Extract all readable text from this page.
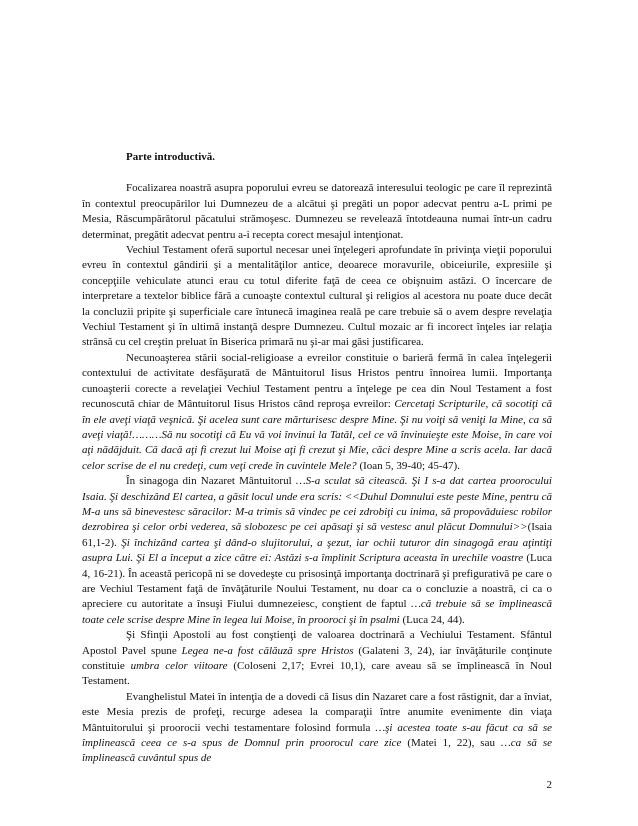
Parte introductivă.

Focalizarea noastră asupra poporului evreu se datorează interesului teologic pe care îl reprezintă în contextul preocupărilor lui Dumnezeu de a alcătui şi pregăti un popor adecvat pentru a-L primi pe Mesia, Răscumpărătorul păcatului strămoşesc. Dumnezeu se revelează întotdeauna numai într-un cadru determinat, pregătit adecvat pentru a-i recepta corect mesajul intenţionat.

Vechiul Testament oferă suportul necesar unei înţelegeri aprofundate în privinţa vieţii poporului evreu în contextul gândirii şi a mentalităţilor antice, deoarece moravurile, obiceiurile, expresiile şi concepţiile vehiculate atunci erau cu totul diferite faţă de ceea ce obişnuim astăzi. O încercare de interpretare a textelor biblice fără a cunoaşte contextul cultural şi religios al acestora nu poate duce decât la concluzii pripite şi superficiale care întunecă imaginea reală pe care trebuie să o avem despre revelaţia Vechiul Testament şi în ultimă instanţă despre Dumnezeu. Cultul mozaic ar fi incorect înţeles iar relaţia strânsă cu cel creştin preluat în Biserica primară nu şi-ar mai găsi justificarea.

Necunoaşterea stării social-religioase a evreilor constituie o barieră fermă în calea înţelegerii contextului de activitate desfăşurată de Mântuitorul Iisus Hristos pentru înnoirea lumii. Importanţa cunoaşterii corecte a revelaţiei Vechiul Testament pentru a înţelege pe cea din Noul Testament a fost recunoscută chiar de Mântuitorul Iisus Hristos când reproşa evreilor: Cercetaţi Scripturile, că socotiţi că în ele aveţi viaţă veşnică. Şi acelea sunt care mărturisesc despre Mine. Şi nu voiţi să veniţi la Mine, ca să aveţi viaţă!………Să nu socotiţi că Eu vă voi învinui la Tatăl, cel ce vă învinuieşte este Moise, în care voi aţi nădăjduit. Că dacă aţi fi crezut lui Moise aţi fi crezut şi Mie, căci despre Mine a scris acela. Iar dacă celor scrise de el nu credeţi, cum veţi crede în cuvintele Mele? (Ioan 5, 39-40; 45-47).

În sinagoga din Nazaret Mântuitorul …S-a sculat să citească. Şi I s-a dat cartea proorocului Isaia. Şi deschizând El cartea, a găsit locul unde era scris: <<Duhul Domnului este peste Mine, pentru că M-a uns să binevestesc săracilor: M-a trimis să vindec pe cei zdrobiţi cu inima, să propovăduiesc robilor dezrobirea şi celor orbi vederea, să slobozesc pe cei apăsaţi şi să vestesc anul plăcut Domnului>>(Isaia 61,1-2). Şi închizând cartea şi dând-o slujitorului, a şezut, iar ochii tuturor din sinagogă erau aţintiţi asupra Lui. Şi El a început a zice către ei: Astăzi s-a împlinit Scriptura aceasta în urechile voastre (Luca 4, 16-21). În această pericopă ni se dovedeşte cu prisosinţă importanţa doctrinară şi prefigurativă pe care o are Vechiul Testament faţă de învăţăturile Noului Testament, nu doar ca o concluzie a noastră, ci ca o apreciere cu autoritate a însuşi Fiului dumnezeiesc, conştient de faptul …că trebuie să se împlinească toate cele scrise despre Mine în legea lui Moise, în prooroci şi în psalmi (Luca 24, 44).

Şi Sfinţii Apostoli au fost conştienţi de valoarea doctrinară a Vechiului Testament. Sfântul Apostol Pavel spune Legea ne-a fost călăuză spre Hristos (Galateni 3, 24), iar învăţăturile conţinute constituie umbra celor viitoare (Coloseni 2,17; Evrei 10,1), care aveau să se împlinească în Noul Testament.

Evanghelistul Matei în intenţia de a dovedi că Iisus din Nazaret care a fost răstignit, dar a înviat, este Mesia prezis de profeţi, recurge adesea la comparaţii între anumite evenimente din viaţa Mântuitorului şi proorocii vechi testamentare folosind formula …şi acestea toate s-au făcut ca să se împlinească ceea ce s-a spus de Domnul prin proorocul care zice (Matei 1, 22), sau …ca să se împlinească cuvântul spus de

2
